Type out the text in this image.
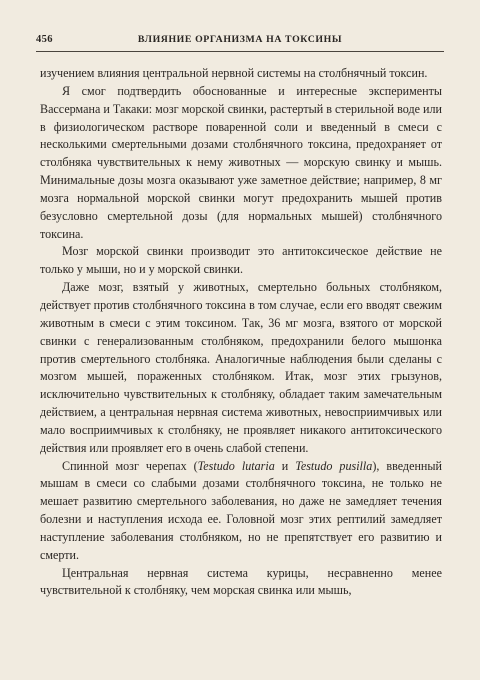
456	ВЛИЯНИЕ ОРГАНИЗМА НА ТОКСИНЫ

изучением влияния центральной нервной системы на столбнячный токсин.

Я смог подтвердить обоснованные и интересные эксперименты Вассермана и Такаки: мозг морской свинки, растертый в стерильной воде или в физиологическом растворе поваренной соли и введенный в смеси с несколькими смертельными дозами столбнячного токсина, предохраняет от столбняка чувствительных к нему животных — морскую свинку и мышь. Минимальные дозы мозга оказывают уже заметное действие; например, 8 мг мозга нормальной морской свинки могут предохранить мышей против безусловно смертельной дозы (для нормальных мышей) столбнячного токсина.

Мозг морской свинки производит это антитоксическое действие не только у мыши, но и у морской свинки.

Даже мозг, взятый у животных, смертельно больных столбняком, действует против столбнячного токсина в том случае, если его вводят свежим животным в смеси с этим токсином. Так, 36 мг мозга, взятого от морской свинки с генерализованным столбняком, предохранили белого мышонка против смертельного столбняка. Аналогичные наблюдения были сделаны с мозгом мышей, пораженных столбняком. Итак, мозг этих грызунов, исключительно чувствительных к столбняку, обладает таким замечательным действием, а центральная нервная система животных, невосприимчивых или мало восприимчивых к столбняку, не проявляет никакого антитоксического действия или проявляет его в очень слабой степени.

Спинной мозг черепах (Testudo lutaria и Testudo pusilla), введенный мышам в смеси со слабыми дозами столбнячного токсина, не только не мешает развитию смертельного заболевания, но даже не замедляет течения болезни и наступления исхода ее. Головной мозг этих рептилий замедляет наступление заболевания столбняком, но не препятствует его развитию и смерти.

Центральная нервная система курицы, несравненно менее чувствительной к столбняку, чем морская свинка или мышь,
